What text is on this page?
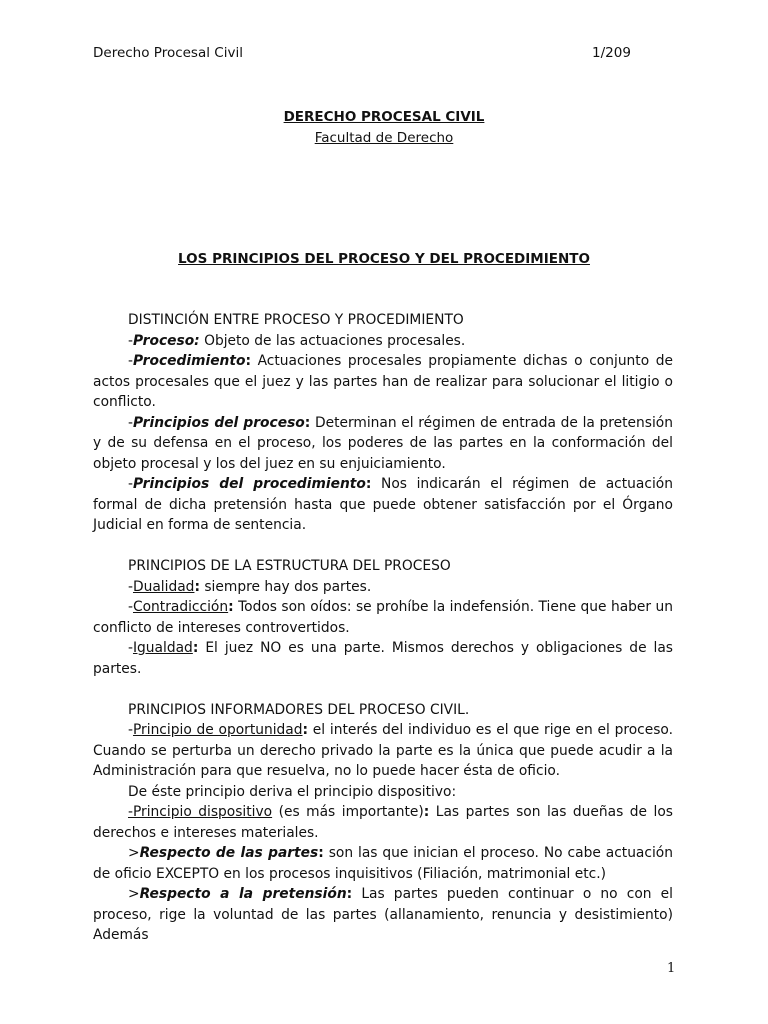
Derecho Procesal Civil	1/209
DERECHO PROCESAL CIVIL
Facultad de Derecho
LOS PRINCIPIOS DEL PROCESO Y DEL PROCEDIMIENTO

DISTINCIÓN ENTRE PROCESO Y PROCEDIMIENTO

-Proceso: Objeto de las actuaciones procesales.

-Procedimiento: Actuaciones procesales propiamente dichas o conjunto de actos procesales que el juez y las partes han de realizar para solucionar el litigio o conflicto.

-Principios del proceso: Determinan el régimen de entrada de la pretensión y de su defensa en el proceso, los poderes de las partes en la conformación del objeto procesal y los del juez en su enjuiciamiento.

-Principios del procedimiento: Nos indicarán el régimen de actuación formal de dicha pretensión hasta que puede obtener satisfacción por el Órgano Judicial en forma de sentencia.

PRINCIPIOS DE LA ESTRUCTURA DEL PROCESO

-Dualidad: siempre hay dos partes.

-Contradicción: Todos son oídos: se prohíbe la indefensión. Tiene que haber un conflicto de intereses controvertidos.

-Igualdad: El juez NO es una parte. Mismos derechos y obligaciones de las partes.

PRINCIPIOS INFORMADORES DEL PROCESO CIVIL.

-Principio de oportunidad: el interés del individuo es el que rige en el proceso. Cuando se perturba un derecho privado la parte es la única que puede acudir a la Administración para que resuelva, no lo puede hacer ésta de oficio.

De éste principio deriva el principio dispositivo:

-Principio dispositivo (es más importante): Las partes son las dueñas de los derechos e intereses materiales.

>Respecto de las partes: son las que inician el proceso. No cabe actuación de oficio EXCEPTO en los procesos inquisitivos (Filiación, matrimonial etc.)

>Respecto a la pretensión: Las partes pueden continuar o no con el proceso, rige la voluntad de las partes (allanamiento, renuncia y desistimiento) Además

1
